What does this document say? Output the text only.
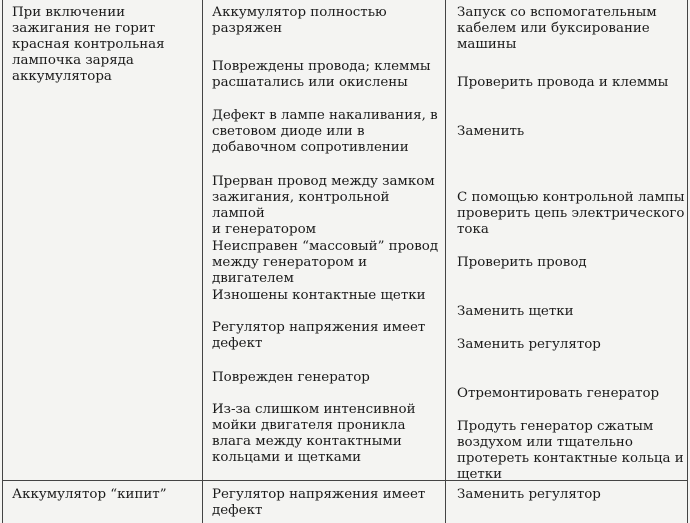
При включении
зажигания не горит
красная контрольная
лампочка заряда
аккумулятора
Аккумулятор “кипит”
Аккумулятор полностью
разряжен
Повреждены провода; клеммы
расшатались или окислены
Дефект в лампе накаливания, в
световом диоде или в
добавочном сопротивлении
Прерван провод между замком
зажигания, контрольной лампой
и генератором
Неисправен “массовый” провод
между генератором и двигателем
Изношены контактные щетки
Регулятор напряжения имеет
дефект
Поврежден генератор
Из-за слишком интенсивной
мойки двигателя проникла
влага между контактными
кольцами и щетками
Регулятор напряжения имеет
дефект
Запуск со вспомогательным
кабелем или буксирование
машины
Проверить провода и клеммы
Заменить
С помощью контрольной лампы
проверить цепь электрического
тока
Проверить провод
Заменить щетки
Заменить регулятор
Отремонтировать генератор
Продуть генератор сжатым
воздухом или тщательно
протереть контактные кольца и
щетки
Заменить регулятор
